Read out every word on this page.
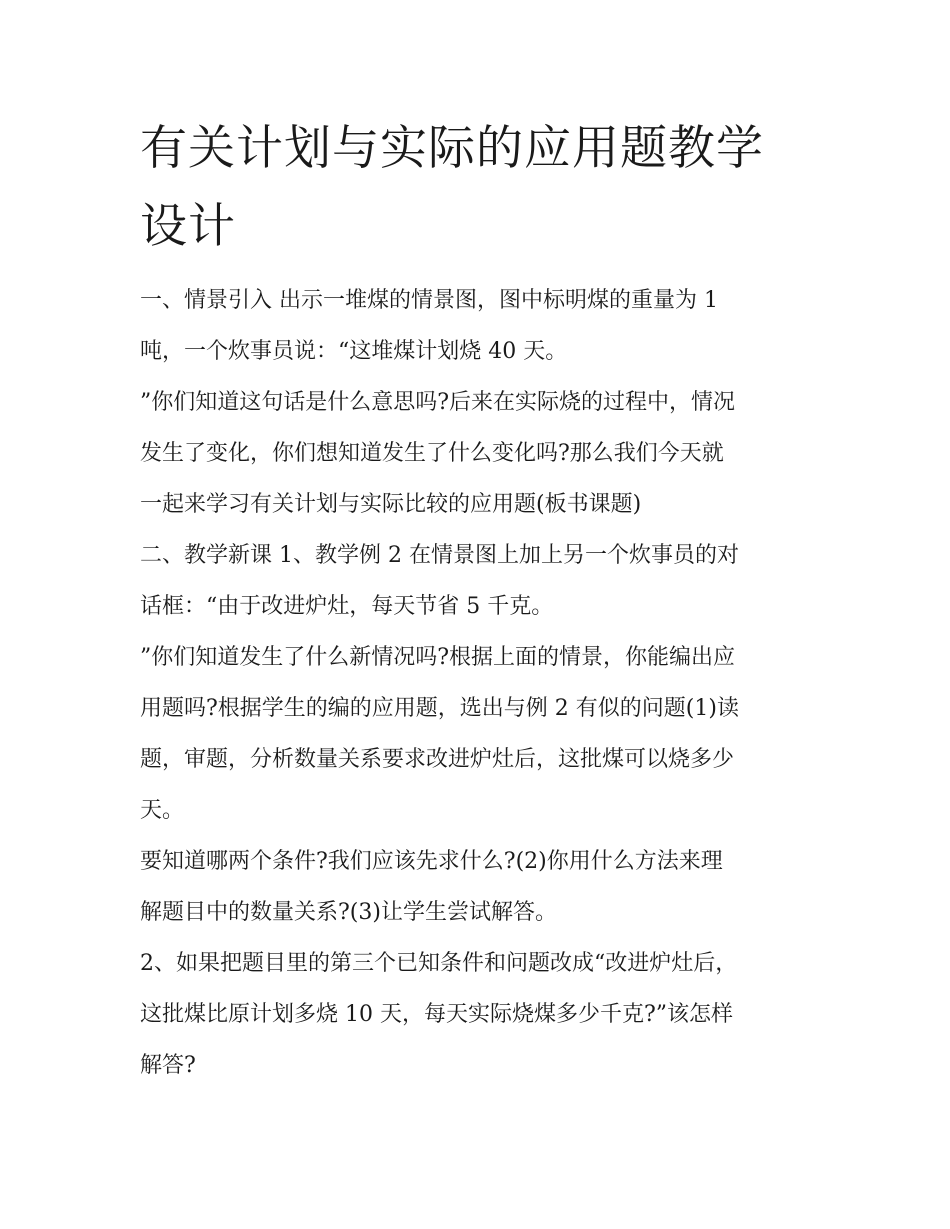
有关计划与实际的应用题教学
设计

一、情景引入 出示一堆煤的情景图，图中标明煤的重量为 1

吨，一个炊事员说：“这堆煤计划烧 40 天。

”你们知道这句话是什么意思吗?后来在实际烧的过程中，情况

发生了变化，你们想知道发生了什么变化吗?那么我们今天就

一起来学习有关计划与实际比较的应用题(板书课题)

二、教学新课 1、教学例 2 在情景图上加上另一个炊事员的对

话框：“由于改进炉灶，每天节省 5 千克。

”你们知道发生了什么新情况吗?根据上面的情景，你能编出应

用题吗?根据学生的编的应用题，选出与例 2 有似的问题(1)读

题，审题，分析数量关系要求改进炉灶后，这批煤可以烧多少

天。

要知道哪两个条件?我们应该先求什么?(2)你用什么方法来理

解题目中的数量关系?(3)让学生尝试解答。

2、如果把题目里的第三个已知条件和问题改成“改进炉灶后，

这批煤比原计划多烧 10 天，每天实际烧煤多少千克?”该怎样

解答?
